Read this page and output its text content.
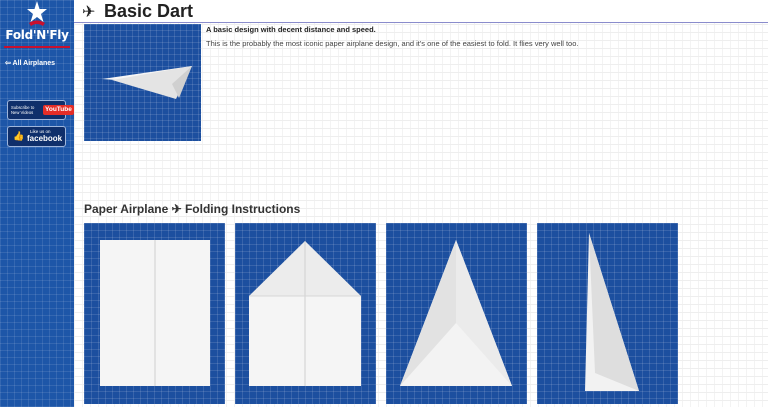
Fold'N'Fly
⇦ All Airplanes
Subscribe to New Videos	YouTube
👍 Like us on
facebook
✈ Basic Dart
A basic design with decent distance and speed.
This is the probably the most iconic paper airplane design, and it's one of the easiest to fold. It flies very well too.
Paper Airplane ✈ Folding Instructions
